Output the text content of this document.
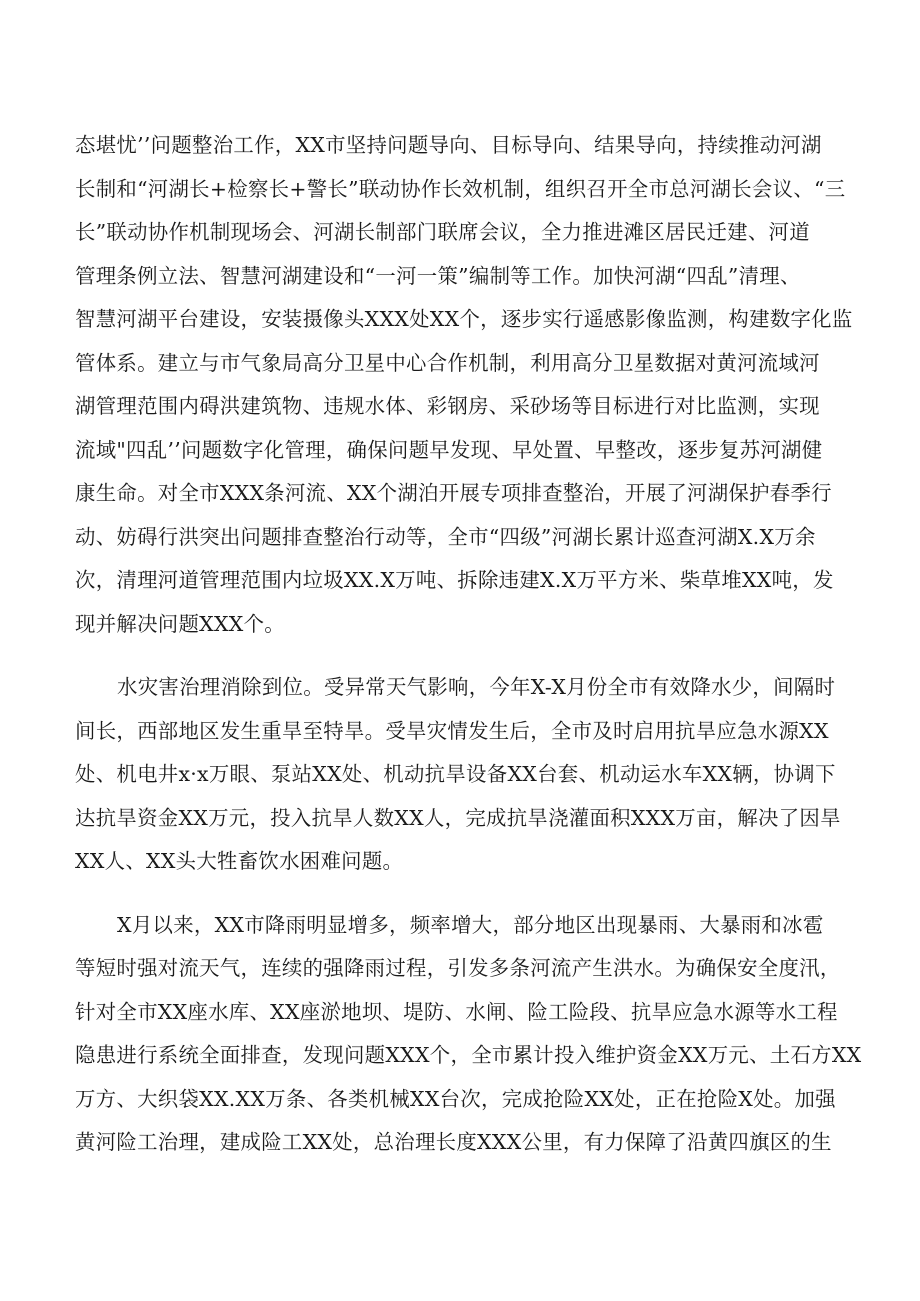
态堪忧’’问题整治工作，XX市坚持问题导向、目标导向、结果导向，持续推动河湖
长制和“河湖长+检察长+警长”联动协作长效机制，组织召开全市总河湖长会议、“三
长”联动协作机制现场会、河湖长制部门联席会议，全力推进滩区居民迁建、河道
管理条例立法、智慧河湖建设和“一河一策”编制等工作。加快河湖“四乱”清理、
智慧河湖平台建设，安装摄像头XXX处XX个，逐步实行遥感影像监测，构建数字化监
管体系。建立与市气象局高分卫星中心合作机制，利用高分卫星数据对黄河流域河
湖管理范围内碍洪建筑物、违规水体、彩钢房、采砂场等目标进行对比监测，实现
流域"四乱’’问题数字化管理，确保问题早发现、早处置、早整改，逐步复苏河湖健
康生命。对全市XXX条河流、XX个湖泊开展专项排查整治，开展了河湖保护春季行
动、妨碍行洪突出问题排查整治行动等，全市“四级”河湖长累计巡查河湖X.X万余
次，清理河道管理范围内垃圾XX.X万吨、拆除违建X.X万平方米、柴草堆XX吨，发
现并解决问题XXX个。

水灾害治理消除到位。受异常天气影响，今年X-X月份全市有效降水少，间隔时
间长，西部地区发生重旱至特旱。受旱灾情发生后，全市及时启用抗旱应急水源XX
处、机电井x·x万眼、泵站XX处、机动抗旱设备XX台套、机动运水车XX辆，协调下
达抗旱资金XX万元，投入抗旱人数XX人，完成抗旱浇灌面积XXX万亩，解决了因旱
XX人、XX头大牲畜饮水困难问题。

X月以来，XX市降雨明显增多，频率增大，部分地区出现暴雨、大暴雨和冰雹
等短时强对流天气，连续的强降雨过程，引发多条河流产生洪水。为确保安全度汛，
针对全市XX座水库、XX座淤地坝、堤防、水闸、险工险段、抗旱应急水源等水工程
隐患进行系统全面排查，发现问题XXX个，全市累计投入维护资金XX万元、土石方XX
万方、大织袋XX.XX万条、各类机械XX台次，完成抢险XX处，正在抢险X处。加强
黄河险工治理，建成险工XX处，总治理长度XXX公里，有力保障了沿黄四旗区的生
